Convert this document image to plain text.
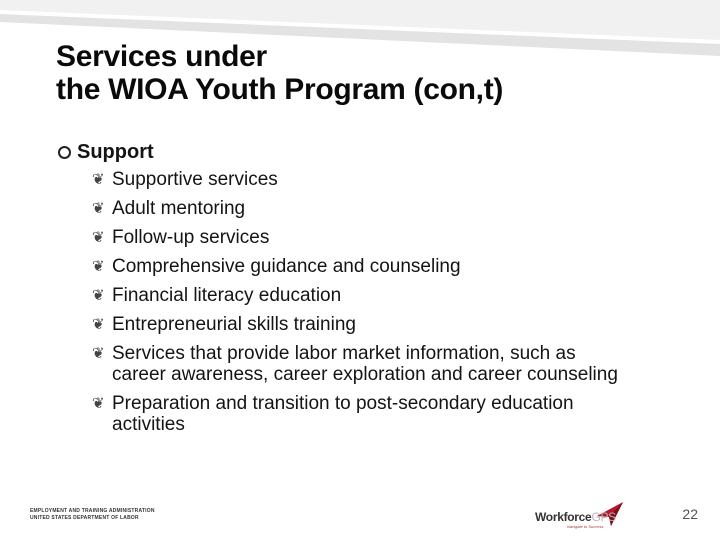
Services under
the WIOA Youth Program (con,t)
Support
❦ Supportive services
❦ Adult mentoring
❦ Follow-up services
❦ Comprehensive guidance and counseling
❦ Financial literacy education
❦ Entrepreneurial skills training
❦ Services that provide labor market information, such as career awareness, career exploration and career counseling
❦ Preparation and transition to post-secondary education activities
EMPLOYMENT AND TRAINING ADMINISTRATION
UNITED STATES DEPARTMENT OF LABOR	WorkforceGPS
Navigate to Success
22
